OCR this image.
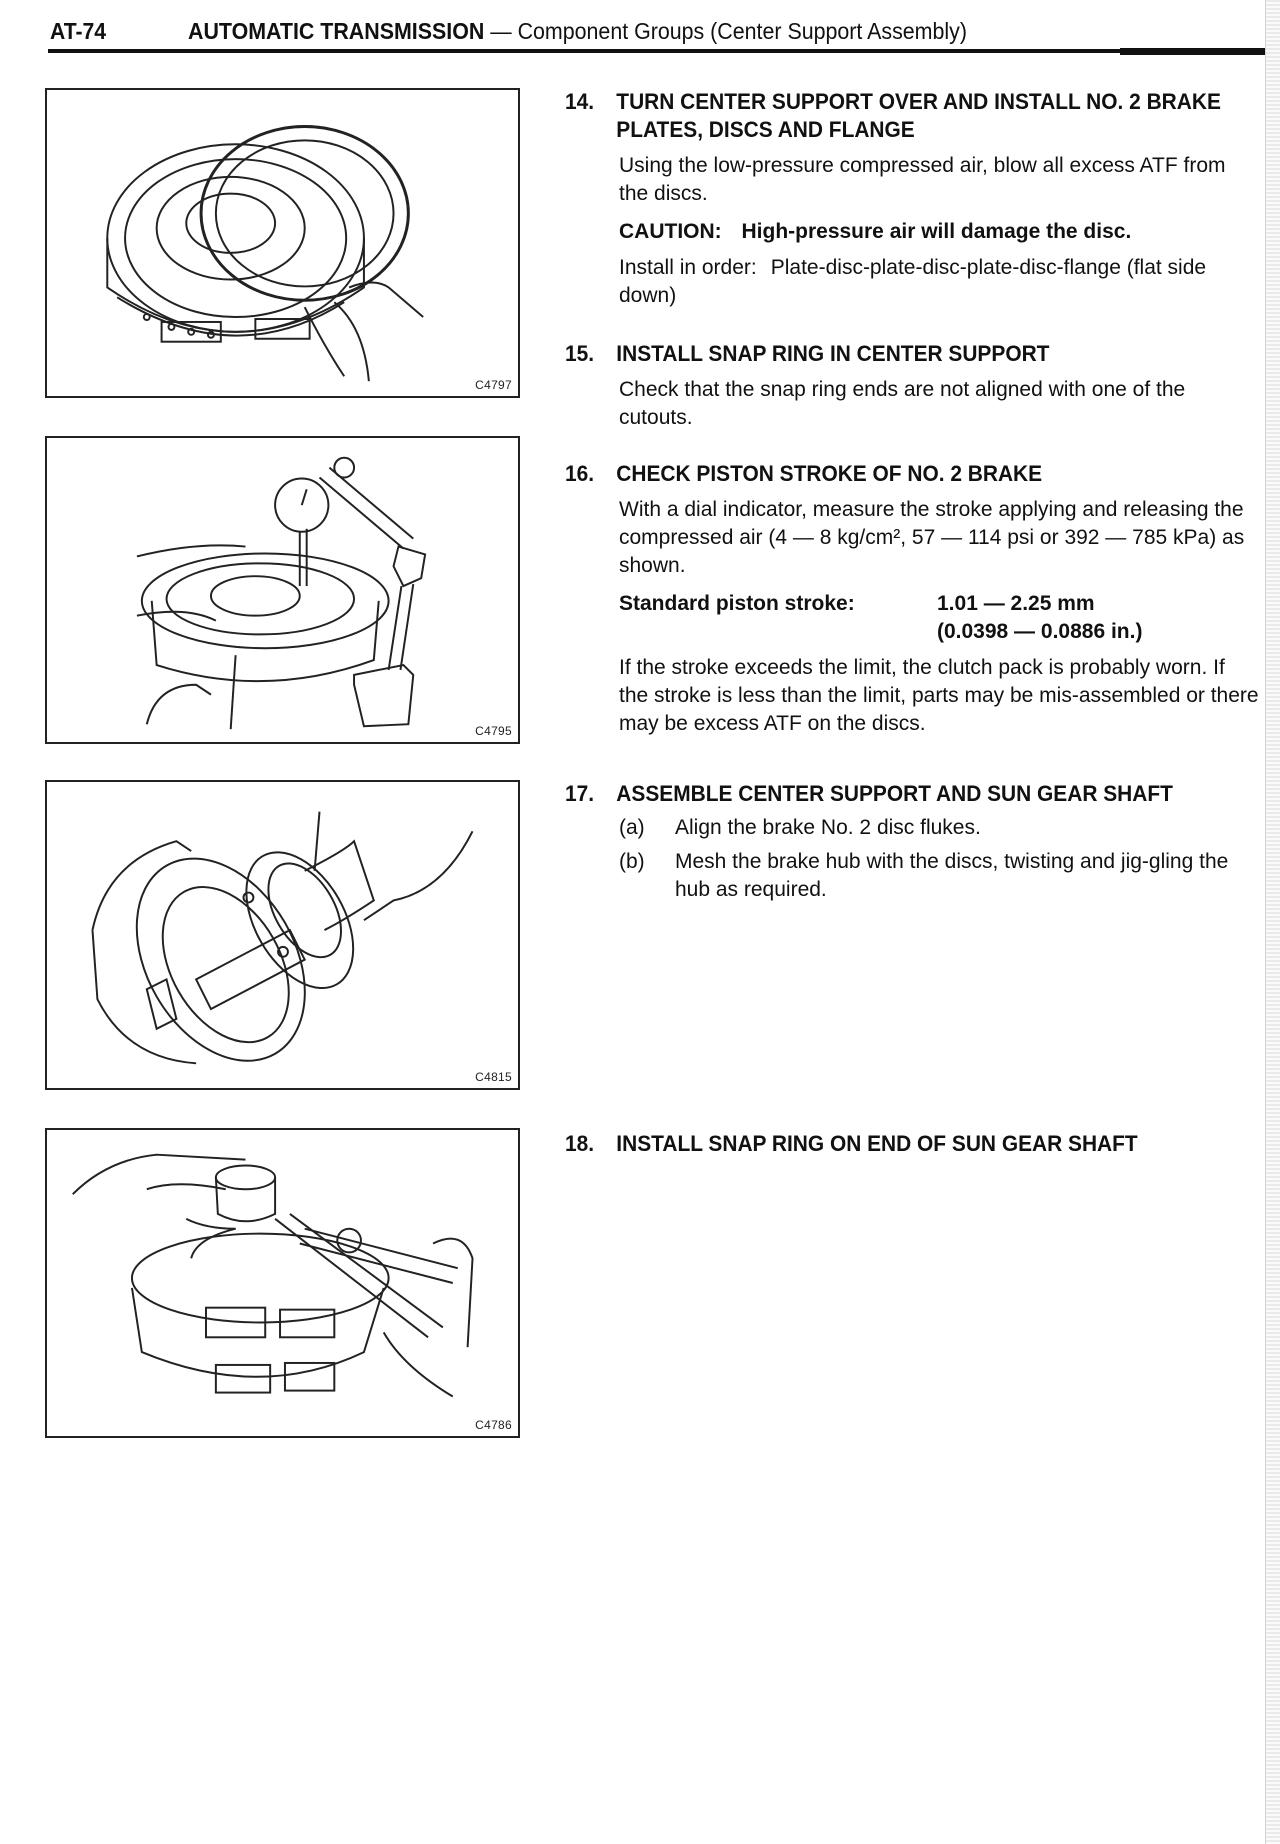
AT-74	AUTOMATIC TRANSMISSION — Component Groups (Center Support Assembly)
C4797
C4795
C4815
C4786
14.	TURN CENTER SUPPORT OVER AND INSTALL NO. 2 BRAKE PLATES, DISCS AND FLANGE
Using the low-pressure compressed air, blow all excess ATF from the discs.
CAUTION: High-pressure air will damage the disc.
Install in order: Plate-disc-plate-disc-plate-disc-flange (flat side down)
15.	INSTALL SNAP RING IN CENTER SUPPORT
Check that the snap ring ends are not aligned with one of the cutouts.
16.	CHECK PISTON STROKE OF NO. 2 BRAKE
With a dial indicator, measure the stroke applying and releasing the compressed air (4 — 8 kg/cm², 57 — 114 psi or 392 — 785 kPa) as shown.
Standard piston stroke:	1.01 — 2.25 mm
(0.0398 — 0.0886 in.)
If the stroke exceeds the limit, the clutch pack is probably worn. If the stroke is less than the limit, parts may be mis-assembled or there may be excess ATF on the discs.
17.	ASSEMBLE CENTER SUPPORT AND SUN GEAR SHAFT
(a)	Align the brake No. 2 disc flukes.
(b)	Mesh the brake hub with the discs, twisting and jig-gling the hub as required.
18.	INSTALL SNAP RING ON END OF SUN GEAR SHAFT
